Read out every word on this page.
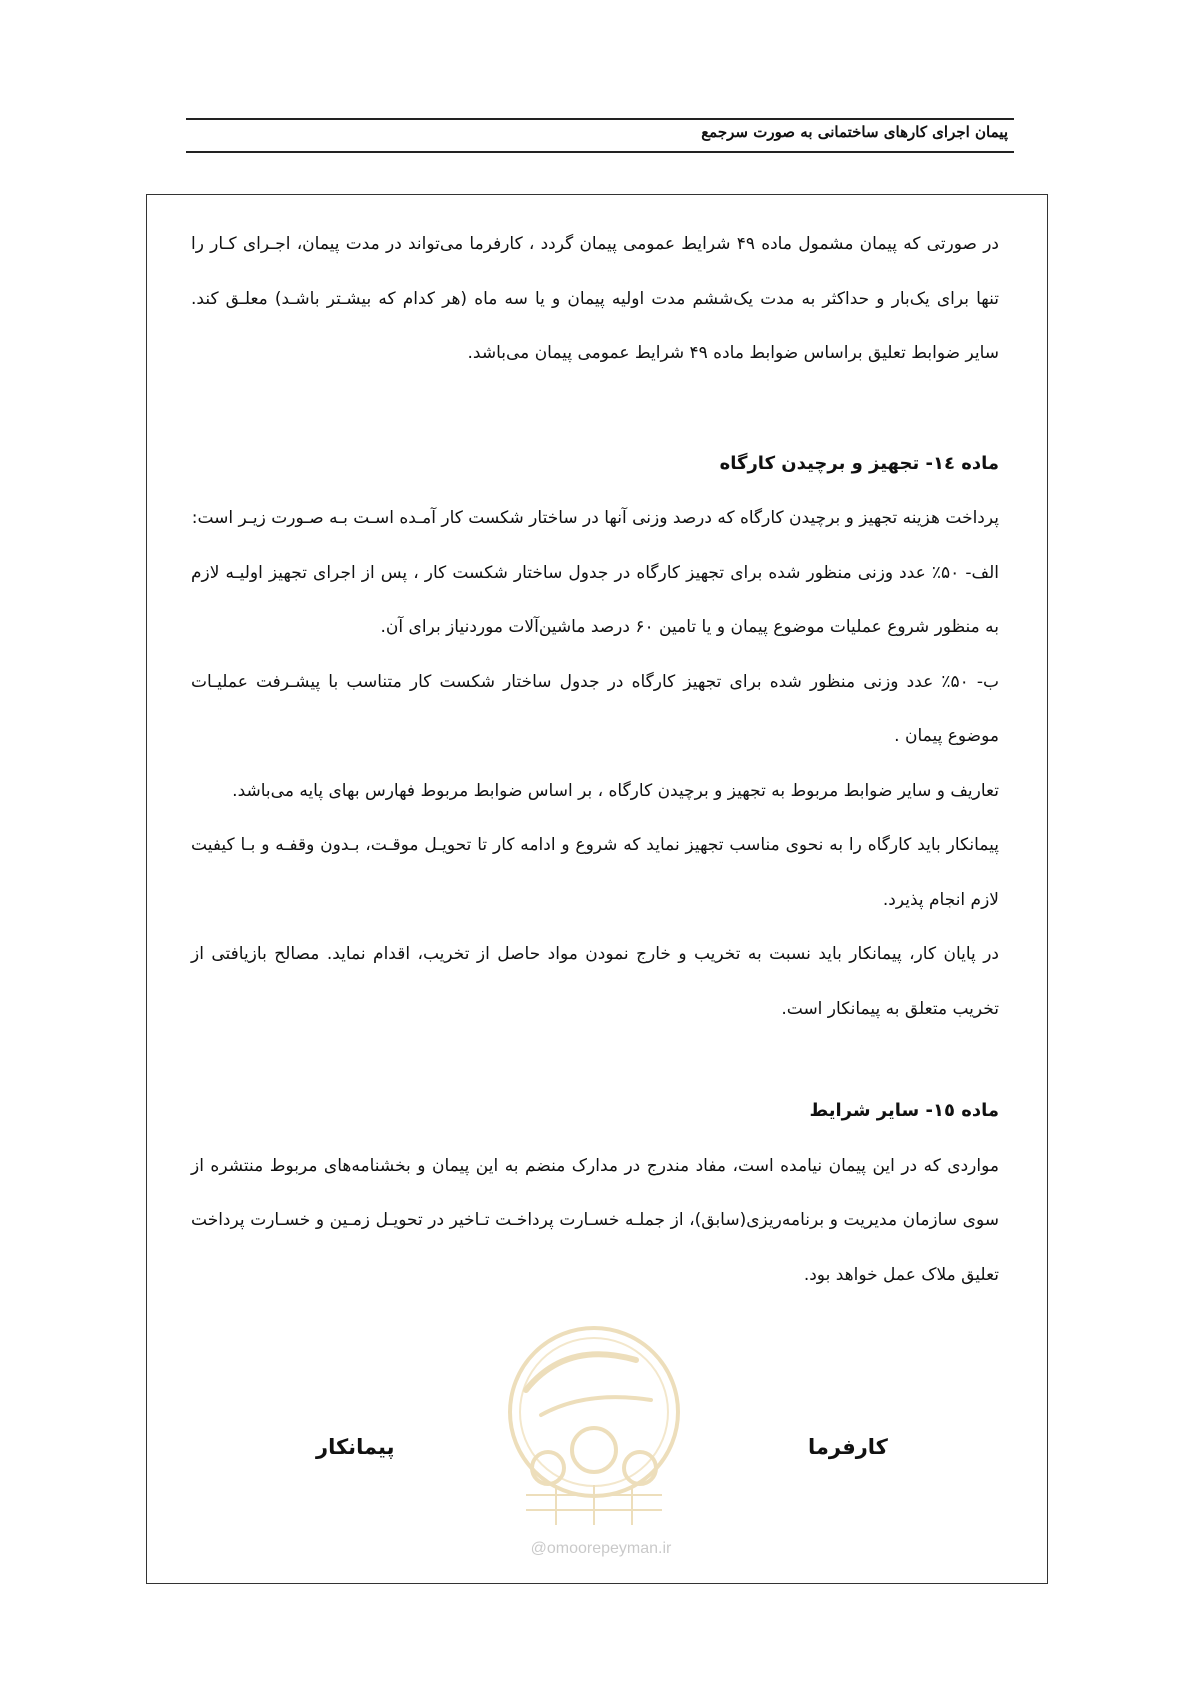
پیمان اجرای کارهای ساختمانی به صورت سرجمع

در صورتی که پیمان مشمول ماده ۴۹ شرایط عمومی پیمان گردد ، کارفرما می‌تواند در مدت پیمان، اجـرای کـار را تنها برای یک‌بار و حداکثر به مدت یک‌ششم مدت اولیه پیمان و یا سه ماه (هر کدام که بیشـتر باشـد) معلـق کند. سایر ضوابط تعلیق براساس ضوابط ماده ۴۹ شرایط عمومی پیمان می‌باشد.

ماده ١٤- تجهیز و برچیدن کارگاه

پرداخت هزینه تجهیز و برچیدن کارگاه که درصد وزنی آنها در ساختار شکست کار آمـده اسـت بـه صـورت زیـر است:

الف- ۵۰٪ عدد وزنی منظور شده برای تجهیز کارگاه در جدول ساختار شکست کار ، پس از اجرای تجهیز اولیـه لازم به منظور شروع عملیات موضوع پیمان و یا تامین ۶۰ درصد ماشین‌آلات موردنیاز برای آن.

ب- ۵۰٪ عدد وزنی منظور شده برای تجهیز کارگاه در جدول ساختار شکست کار متناسب با پیشـرفت عملیـات موضوع پیمان .

تعاریف و سایر ضوابط مربوط به تجهیز و برچیدن کارگاه ، بر اساس ضوابط مربوط فهارس بهای پایه می‌باشد.

پیمانکار باید کارگاه را به نحوی مناسب تجهیز نماید که شروع و ادامه کار تا تحویـل موقـت، بـدون وقفـه و بـا کیفیت لازم انجام پذیرد.

در پایان کار، پیمانکار باید نسبت به تخریب و خارج نمودن مواد حاصل از تخریب، اقدام نماید. مصالح بازیافتی از تخریب متعلق به پیمانکار است.

ماده ١٥- سایر شرایط

مواردی که در این پیمان نیامده است، مفاد مندرج در مدارک منضم به این پیمان و بخشنامه‌های مربوط منتشره از سوی سازمان مدیریت و برنامه‌ریزی(سابق)، از جملـه خسـارت پرداخـت تـاخیر در تحویـل زمـین و خسـارت پرداخت تعلیق ملاک عمل خواهد بود.

@omoorepeyman.ir
کارفرما
پیمانکار
